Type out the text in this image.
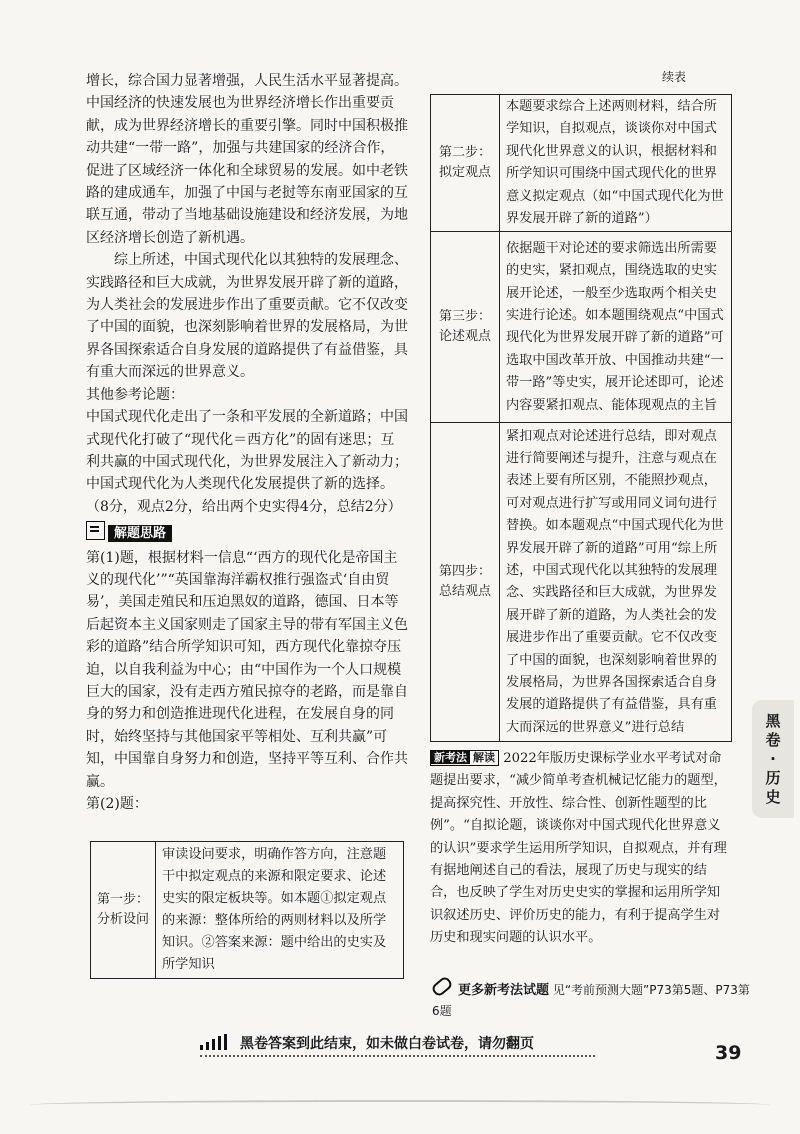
增长，综合国力显著增强，人民生活水平显著提高。中国经济的快速发展也为世界经济增长作出重要贡献，成为世界经济增长的重要引擎。同时中国积极推动共建“一带一路”，加强与共建国家的经济合作，促进了区域经济一体化和全球贸易的发展。如中老铁路的建成通车，加强了中国与老挝等东南亚国家的互联互通，带动了当地基础设施建设和经济发展，为地区经济增长创造了新机遇。

综上所述，中国式现代化以其独特的发展理念、实践路径和巨大成就，为世界发展开辟了新的道路，为人类社会的发展进步作出了重要贡献。它不仅改变了中国的面貌，也深刻影响着世界的发展格局，为世界各国探索适合自身发展的道路提供了有益借鉴，具有重大而深远的世界意义。

其他参考论题：

中国式现代化走出了一条和平发展的全新道路；中国式现代化打破了“现代化＝西方化”的固有迷思；互利共赢的中国式现代化，为世界发展注入了新动力；中国式现代化为人类现代化发展提供了新的选择。

（8分，观点2分，给出两个史实得4分，总结2分）

解题思路

第(1)题，根据材料一信息“‘西方的现代化是帝国主义的现代化’”“英国靠海洋霸权推行强盗式‘自由贸易’，美国走殖民和压迫黑奴的道路，德国、日本等后起资本主义国家则走了国家主导的带有军国主义色彩的道路”结合所学知识可知，西方现代化靠掠夺压迫，以自我利益为中心；由“中国作为一个人口规模巨大的国家，没有走西方殖民掠夺的老路，而是靠自身的努力和创造推进现代化进程，在发展自身的同时，始终坚持与其他国家平等相处、互利共赢”可知，中国靠自身努力和创造，坚持平等互利、合作共赢。

第(2)题：

第一步：分析设问	审读设问要求，明确作答方向，注意题干中拟定观点的来源和限定要求、论述史实的限定板块等。如本题①拟定观点的来源：整体所给的两则材料以及所学知识。②答案来源：题中给出的史实及所学知识
续表
第二步：拟定观点	本题要求综合上述两则材料，结合所学知识，自拟观点，谈谈你对中国式现代化世界意义的认识，根据材料和所学知识可围绕中国式现代化的世界意义拟定观点（如“中国式现代化为世界发展开辟了新的道路”）
第三步：论述观点	依据题干对论述的要求筛选出所需要的史实，紧扣观点，围绕选取的史实展开论述，一般至少选取两个相关史实进行论述。如本题围绕观点“中国式现代化为世界发展开辟了新的道路”可选取中国改革开放、中国推动共建“一带一路”等史实，展开论述即可，论述内容要紧扣观点、能体现观点的主旨
第四步：总结观点	紧扣观点对论述进行总结，即对观点进行简要阐述与提升，注意与观点在表述上要有所区别，不能照抄观点，可对观点进行扩写或用同义词句进行替换。如本题观点“中国式现代化为世界发展开辟了新的道路”可用“综上所述，中国式现代化以其独特的发展理念、实践路径和巨大成就，为世界发展开辟了新的道路，为人类社会的发展进步作出了重要贡献。它不仅改变了中国的面貌，也深刻影响着世界的发展格局，为世界各国探索适合自身发展的道路提供了有益借鉴，具有重大而深远的世界意义”进行总结

新考法 解读 2022年版历史课标学业水平考试对命题提出要求，“减少简单考查机械记忆能力的题型，提高探究性、开放性、综合性、创新性题型的比例”。“自拟论题，谈谈你对中国式现代化世界意义的认识”要求学生运用所学知识，自拟观点，并有理有据地阐述自己的看法，展现了历史与现实的结合，也反映了学生对历史史实的掌握和运用所学知识叙述历史、评价历史的能力，有利于提高学生对历史和现实问题的认识水平。

更多新考法试题 见“考前预测大题”P73第5题、P73第6题
黑卷·历史
黑卷答案到此结束，如未做白卷试卷，请勿翻页	39
